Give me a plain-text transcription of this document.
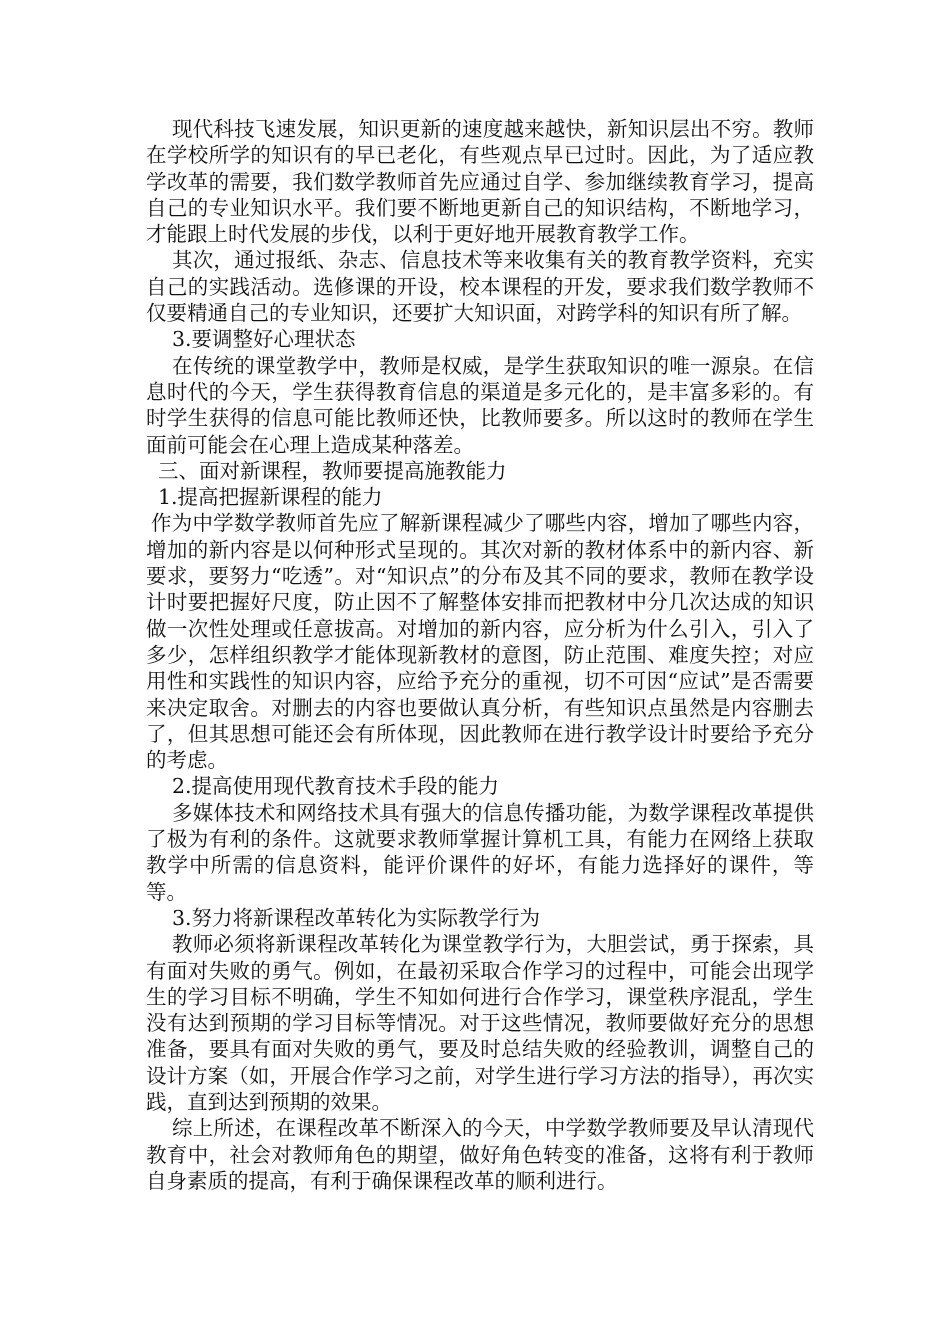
现代科技飞速发展，知识更新的速度越来越快，新知识层出不穷。教师在学校所学的知识有的早已老化，有些观点早已过时。因此，为了适应教学改革的需要，我们数学教师首先应通过自学、参加继续教育学习，提高自己的专业知识水平。我们要不断地更新自己的知识结构，不断地学习，才能跟上时代发展的步伐，以利于更好地开展教育教学工作。

其次，通过报纸、杂志、信息技术等来收集有关的教育教学资料，充实自己的实践活动。选修课的开设，校本课程的开发，要求我们数学教师不仅要精通自己的专业知识，还要扩大知识面，对跨学科的知识有所了解。

3.要调整好心理状态

在传统的课堂教学中，教师是权威，是学生获取知识的唯一源泉。在信息时代的今天，学生获得教育信息的渠道是多元化的，是丰富多彩的。有时学生获得的信息可能比教师还快，比教师要多。所以这时的教师在学生面前可能会在心理上造成某种落差。

三、面对新课程，教师要提高施教能力

1.提高把握新课程的能力

作为中学数学教师首先应了解新课程减少了哪些内容，增加了哪些内容，增加的新内容是以何种形式呈现的。其次对新的教材体系中的新内容、新要求，要努力“吃透”。对“知识点”的分布及其不同的要求，教师在教学设计时要把握好尺度，防止因不了解整体安排而把教材中分几次达成的知识做一次性处理或任意拔高。对增加的新内容，应分析为什么引入，引入了多少，怎样组织教学才能体现新教材的意图，防止范围、难度失控；对应用性和实践性的知识内容，应给予充分的重视，切不可因“应试”是否需要来决定取舍。对删去的内容也要做认真分析，有些知识点虽然是内容删去了，但其思想可能还会有所体现，因此教师在进行教学设计时要给予充分的考虑。

2.提高使用现代教育技术手段的能力

多媒体技术和网络技术具有强大的信息传播功能，为数学课程改革提供了极为有利的条件。这就要求教师掌握计算机工具，有能力在网络上获取教学中所需的信息资料，能评价课件的好坏，有能力选择好的课件，等等。

3.努力将新课程改革转化为实际教学行为

教师必须将新课程改革转化为课堂教学行为，大胆尝试，勇于探索，具有面对失败的勇气。例如，在最初采取合作学习的过程中，可能会出现学生的学习目标不明确，学生不知如何进行合作学习，课堂秩序混乱，学生没有达到预期的学习目标等情况。对于这些情况，教师要做好充分的思想准备，要具有面对失败的勇气，要及时总结失败的经验教训，调整自己的设计方案（如，开展合作学习之前，对学生进行学习方法的指导），再次实践，直到达到预期的效果。

综上所述，在课程改革不断深入的今天，中学数学教师要及早认清现代教育中，社会对教师角色的期望，做好角色转变的准备，这将有利于教师自身素质的提高，有利于确保课程改革的顺利进行。
